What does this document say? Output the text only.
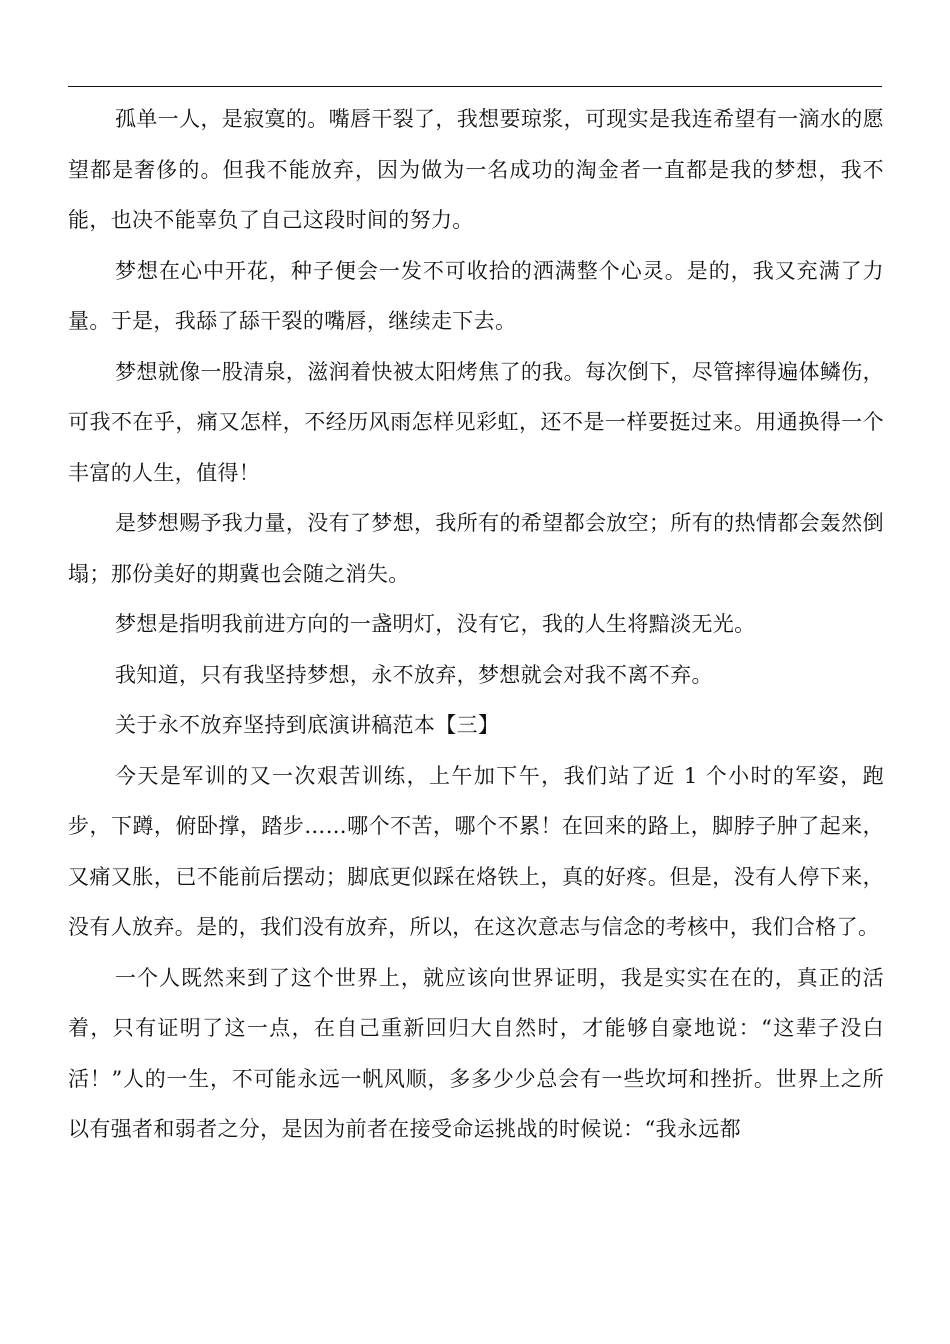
孤单一人，是寂寞的。嘴唇干裂了，我想要琼浆，可现实是我连希望有一滴水的愿望都是奢侈的。但我不能放弃，因为做为一名成功的淘金者一直都是我的梦想，我不能，也决不能辜负了自己这段时间的努力。

梦想在心中开花，种子便会一发不可收拾的洒满整个心灵。是的，我又充满了力量。于是，我舔了舔干裂的嘴唇，继续走下去。

梦想就像一股清泉，滋润着快被太阳烤焦了的我。每次倒下，尽管摔得遍体鳞伤，可我不在乎，痛又怎样，不经历风雨怎样见彩虹，还不是一样要挺过来。用通换得一个丰富的人生，值得！

是梦想赐予我力量，没有了梦想，我所有的希望都会放空；所有的热情都会轰然倒塌；那份美好的期冀也会随之消失。

梦想是指明我前进方向的一盏明灯，没有它，我的人生将黯淡无光。

我知道，只有我坚持梦想，永不放弃，梦想就会对我不离不弃。

关于永不放弃坚持到底演讲稿范本【三】

今天是军训的又一次艰苦训练，上午加下午，我们站了近 1 个小时的军姿，跑步，下蹲，俯卧撑，踏步……哪个不苦，哪个不累！在回来的路上，脚脖子肿了起来，又痛又胀，已不能前后摆动；脚底更似踩在烙铁上，真的好疼。但是，没有人停下来，没有人放弃。是的，我们没有放弃，所以，在这次意志与信念的考核中，我们合格了。

一个人既然来到了这个世界上，就应该向世界证明，我是实实在在的，真正的活着，只有证明了这一点，在自己重新回归大自然时，才能够自豪地说：“这辈子没白活！”人的一生，不可能永远一帆风顺，多多少少总会有一些坎坷和挫折。世界上之所以有强者和弱者之分，是因为前者在接受命运挑战的时候说：“我永远都
